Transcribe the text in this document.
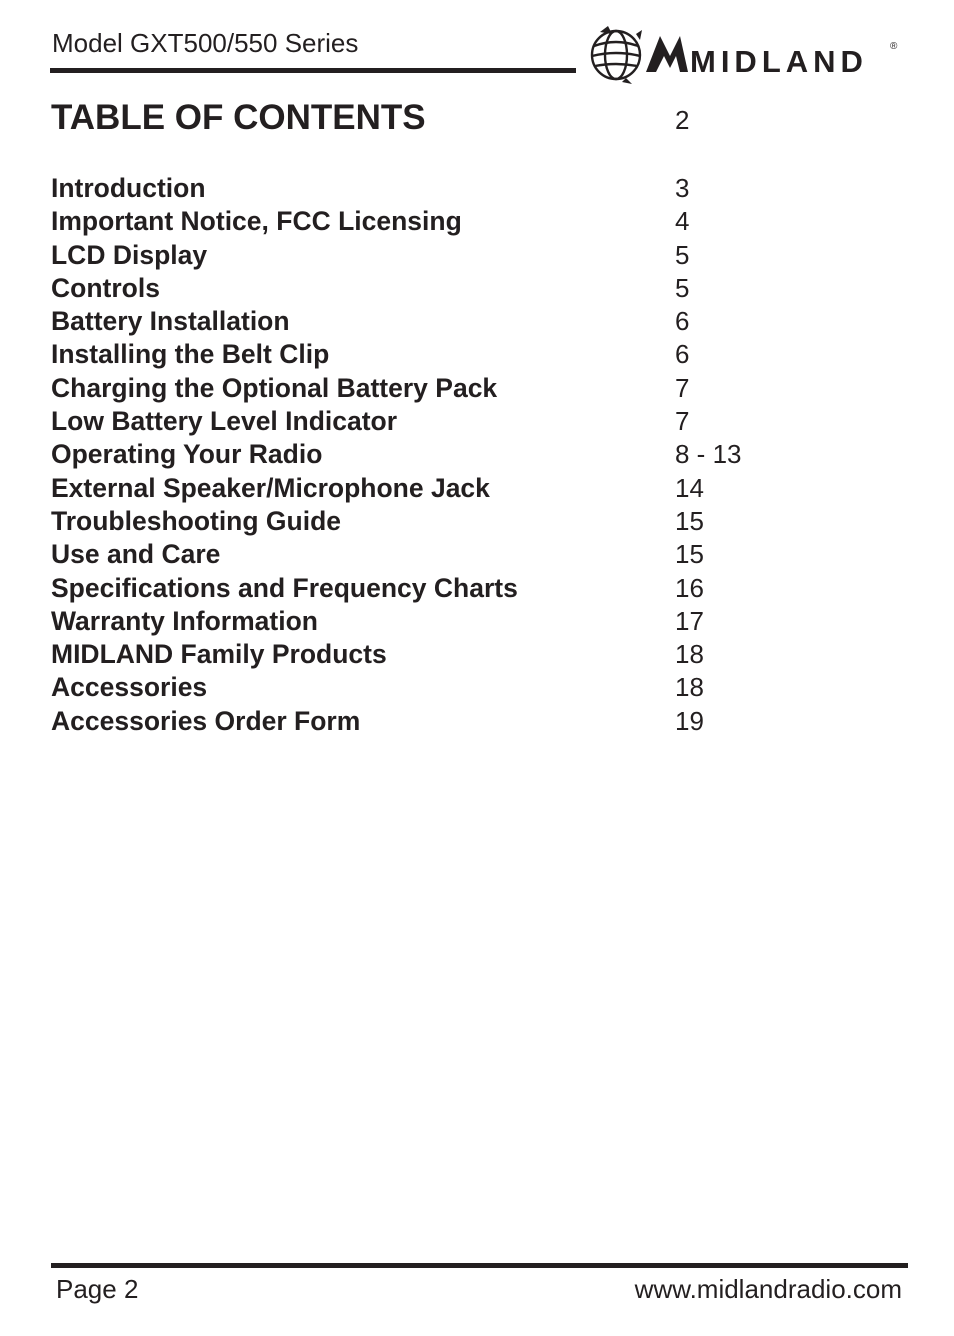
Model GXT500/550 Series
MIDLAND ®
TABLE OF CONTENTS	2
Introduction	3
Important Notice, FCC Licensing	4
LCD Display	5
Controls	5
Battery Installation	6
Installing the Belt Clip	6
Charging the Optional Battery Pack	7
Low Battery Level Indicator	7
Operating Your Radio	8 - 13
External Speaker/Microphone Jack	14
Troubleshooting Guide	15
Use and Care	15
Specifications and Frequency Charts	16
Warranty Information	17
MIDLAND Family Products	18
Accessories	18
Accessories Order Form	19
Page 2	www.midlandradio.com
